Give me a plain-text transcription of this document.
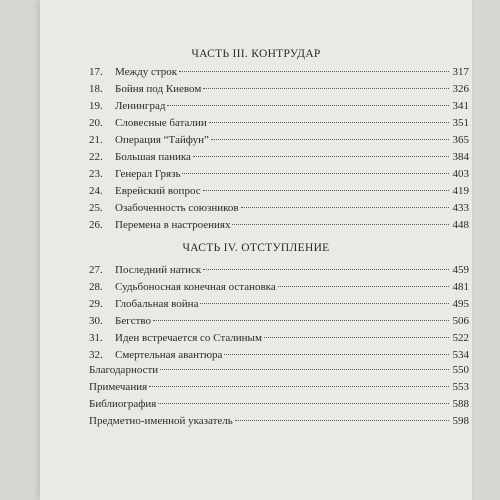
ЧАСТЬ III. КОНТРУДАР
17. Между строк	317
18. Бойня под Киевом	326
19. Ленинград	341
20. Словесные баталии	351
21. Операция “Тайфун”	365
22. Большая паника	384
23. Генерал Грязь	403
24. Еврейский вопрос	419
25. Озабоченность союзников	433
26. Перемена в настроениях	448
ЧАСТЬ IV. ОТСТУПЛЕНИЕ
27. Последний натиск	459
28. Судьбоносная конечная остановка	481
29. Глобальная война	495
30. Бегство	506
31. Иден встречается со Сталиным	522
32. Смертельная авантюра	534
Благодарности	550
Примечания	553
Библиография	588
Предметно-именной указатель	598
